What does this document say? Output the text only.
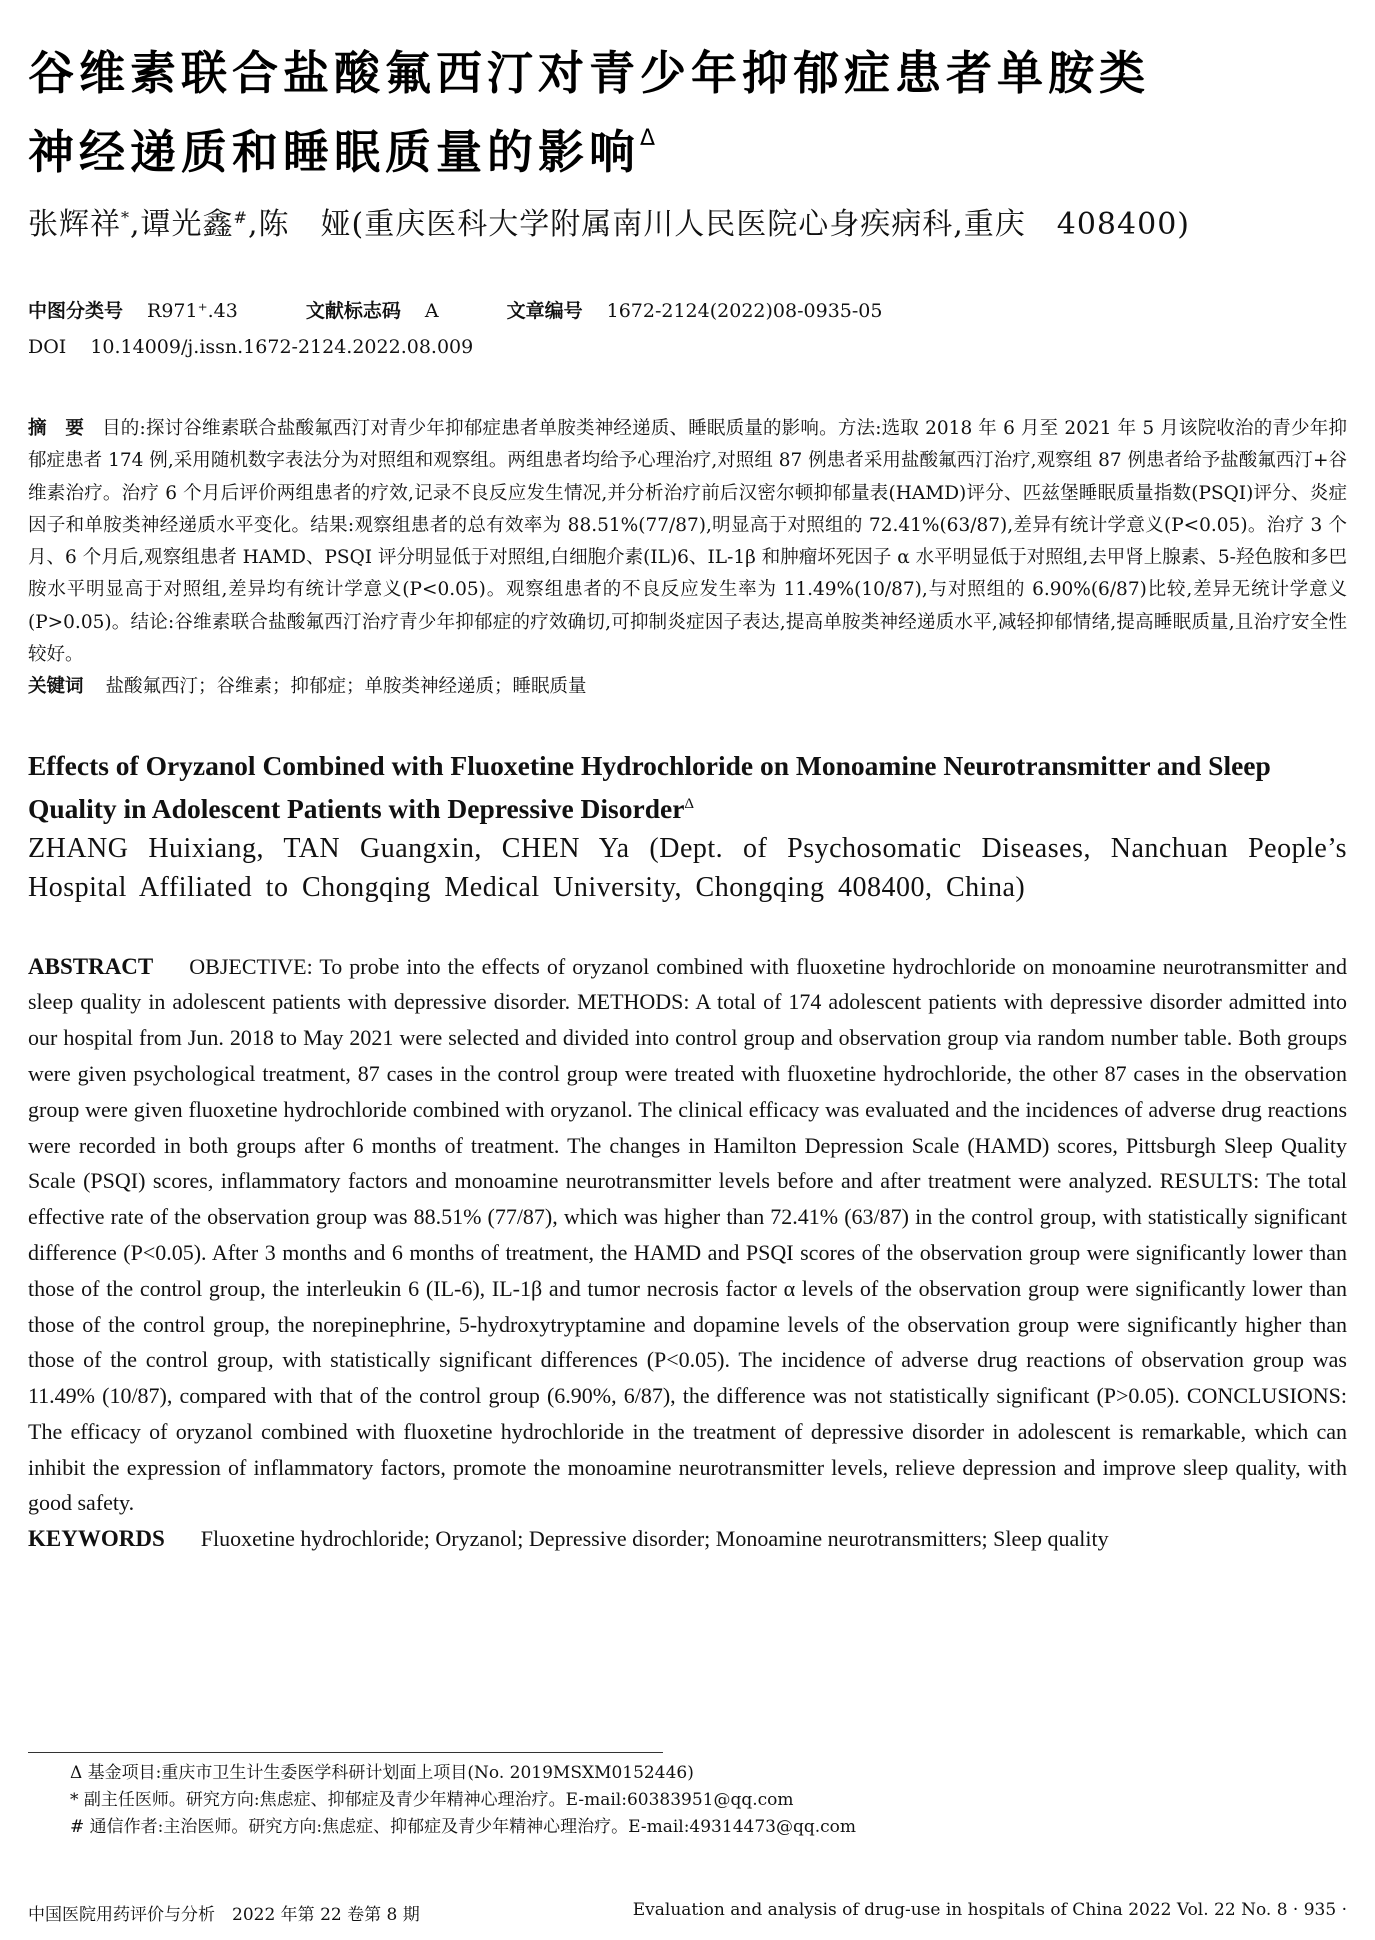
谷维素联合盐酸氟西汀对青少年抑郁症患者单胺类
神经递质和睡眠质量的影响$^\Delta$
张辉祥*,谭光鑫#,陈　娅(重庆医科大学附属南川人民医院心身疾病科,重庆　408400)
中图分类号 R971⁺.43	文献标志码 A	文章编号 1672-2124(2022)08-0935-05
DOI 10.14009/j.issn.1672-2124.2022.08.009
摘　要 目的:探讨谷维素联合盐酸氟西汀对青少年抑郁症患者单胺类神经递质、睡眠质量的影响。方法:选取 2018 年 6 月至 2021 年 5 月该院收治的青少年抑郁症患者 174 例,采用随机数字表法分为对照组和观察组。两组患者均给予心理治疗,对照组 87 例患者采用盐酸氟西汀治疗,观察组 87 例患者给予盐酸氟西汀+谷维素治疗。治疗 6 个月后评价两组患者的疗效,记录不良反应发生情况,并分析治疗前后汉密尔顿抑郁量表(HAMD)评分、匹兹堡睡眠质量指数(PSQI)评分、炎症因子和单胺类神经递质水平变化。结果:观察组患者的总有效率为 88.51%(77/87),明显高于对照组的 72.41%(63/87),差异有统计学意义(P<0.05)。治疗 3 个月、6 个月后,观察组患者 HAMD、PSQI 评分明显低于对照组,白细胞介素(IL)6、IL-1β 和肿瘤坏死因子 α 水平明显低于对照组,去甲肾上腺素、5-羟色胺和多巴胺水平明显高于对照组,差异均有统计学意义(P<0.05)。观察组患者的不良反应发生率为 11.49%(10/87),与对照组的 6.90%(6/87)比较,差异无统计学意义(P>0.05)。结论:谷维素联合盐酸氟西汀治疗青少年抑郁症的疗效确切,可抑制炎症因子表达,提高单胺类神经递质水平,减轻抑郁情绪,提高睡眠质量,且治疗安全性较好。
关键词 盐酸氟西汀；谷维素；抑郁症；单胺类神经递质；睡眠质量
Effects of Oryzanol Combined with Fluoxetine Hydrochloride on Monoamine Neurotransmitter and Sleep Quality in Adolescent Patients with Depressive Disorder$^\Delta$
ZHANG Huixiang, TAN Guangxin, CHEN Ya (Dept. of Psychosomatic Diseases, Nanchuan People’s Hospital Affiliated to Chongqing Medical University, Chongqing 408400, China)
ABSTRACT OBJECTIVE: To probe into the effects of oryzanol combined with fluoxetine hydrochloride on monoamine neurotransmitter and sleep quality in adolescent patients with depressive disorder. METHODS: A total of 174 adolescent patients with depressive disorder admitted into our hospital from Jun. 2018 to May 2021 were selected and divided into control group and observation group via random number table. Both groups were given psychological treatment, 87 cases in the control group were treated with fluoxetine hydrochloride, the other 87 cases in the observation group were given fluoxetine hydrochloride combined with oryzanol. The clinical efficacy was evaluated and the incidences of adverse drug reactions were recorded in both groups after 6 months of treatment. The changes in Hamilton Depression Scale (HAMD) scores, Pittsburgh Sleep Quality Scale (PSQI) scores, inflammatory factors and monoamine neurotransmitter levels before and after treatment were analyzed. RESULTS: The total effective rate of the observation group was 88.51% (77/87), which was higher than 72.41% (63/87) in the control group, with statistically significant difference (P<0.05). After 3 months and 6 months of treatment, the HAMD and PSQI scores of the observation group were significantly lower than those of the control group, the interleukin 6 (IL-6), IL-1β and tumor necrosis factor α levels of the observation group were significantly lower than those of the control group, the norepinephrine, 5-hydroxytryptamine and dopamine levels of the observation group were significantly higher than those of the control group, with statistically significant differences (P<0.05). The incidence of adverse drug reactions of observation group was 11.49% (10/87), compared with that of the control group (6.90%, 6/87), the difference was not statistically significant (P>0.05). CONCLUSIONS: The efficacy of oryzanol combined with fluoxetine hydrochloride in the treatment of depressive disorder in adolescent is remarkable, which can inhibit the expression of inflammatory factors, promote the monoamine neurotransmitter levels, relieve depression and improve sleep quality, with good safety.
KEYWORDS Fluoxetine hydrochloride; Oryzanol; Depressive disorder; Monoamine neurotransmitters; Sleep quality
Δ 基金项目:重庆市卫生计生委医学科研计划面上项目(No. 2019MSXM0152446)
* 副主任医师。研究方向:焦虑症、抑郁症及青少年精神心理治疗。E-mail:60383951@qq.com
# 通信作者:主治医师。研究方向:焦虑症、抑郁症及青少年精神心理治疗。E-mail:49314473@qq.com
中国医院用药评价与分析　2022 年第 22 卷第 8 期	Evaluation and analysis of drug-use in hospitals of China 2022 Vol. 22 No. 8 · 935 ·
